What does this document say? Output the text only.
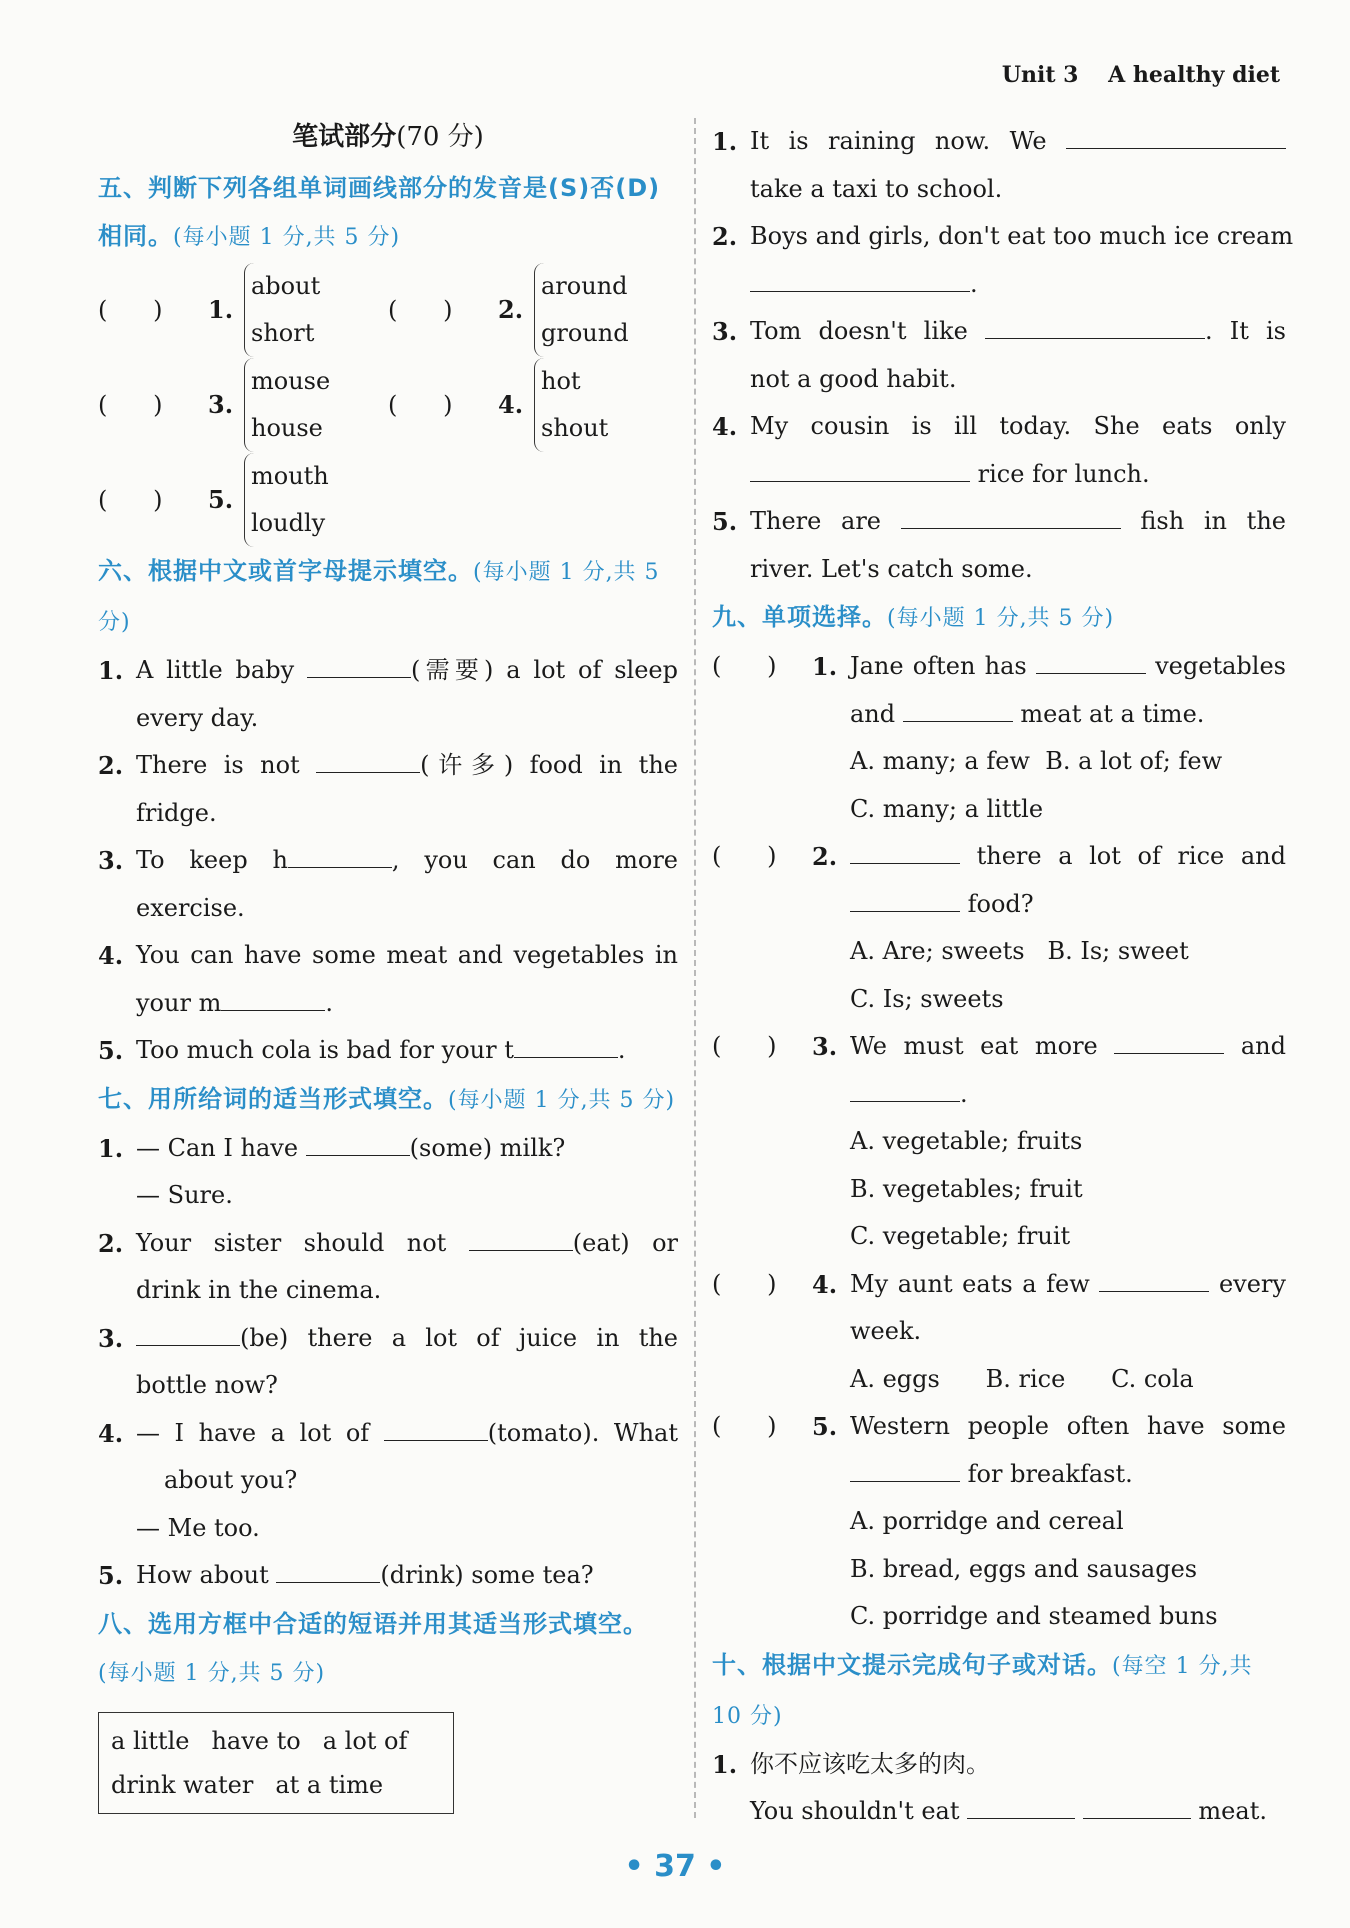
Unit 3 A healthy diet
笔试部分(70 分)
五、判断下列各组单词画线部分的发音是(S)否(D)相同。(每小题 1 分,共 5 分)
( )	1.
about
short
( )	2.
around
ground
( )	3.
mouse
house
( )	4.
hot
shout
( )	5.
mouth
loudly
六、根据中文或首字母提示填空。(每小题 1 分,共 5 分)
1. A little baby	(需要) a lot of sleep
every day.
2. There is not	(许多) food in the
fridge.
3. To keep h	, you can do more
exercise.
4. You can have some meat and vegetables in
your m	.
5. Too much cola is bad for your t	.
七、用所给词的适当形式填空。(每小题 1 分,共 5 分)
1. — Can I have	(some) milk?
— Sure.
2. Your sister should not	(eat) or
drink in the cinema.
3.	(be) there a lot of juice in the
bottle now?
4. — I have a lot of	(tomato). What
about you?
— Me too.
5. How about	(drink) some tea?
八、选用方框中合适的短语并用其适当形式填空。(每小题 1 分,共 5 分)
a little have to a lot of
drink water at a time
1. It is raining now. We
take a taxi to school.
2. Boys and girls, don't eat too much ice cream
.
3. Tom doesn't like	. It is
not a good habit.
4. My cousin is ill today. She eats only
rice for lunch.
5. There are	fish in the
river. Let's catch some.
九、单项选择。(每小题 1 分,共 5 分)
(      )	1. Jane often has	vegetables
and	meat at a time.
A. many; a few B. a lot of; few
C. many; a little
(      )	2.	there a lot of rice and
food?
A. Are; sweets B. Is; sweet
C. Is; sweets
(      )	3. We must eat more	and
.
A. vegetable; fruits
B. vegetables; fruit
C. vegetable; fruit
(      )	4. My aunt eats a few	every
week.
A. eggs B. rice C. cola
(      )	5. Western people often have some
for breakfast.
A. porridge and cereal
B. bread, eggs and sausages
C. porridge and steamed buns
十、根据中文提示完成句子或对话。(每空 1 分,共 10 分)
1. 你不应该吃太多的肉。
You shouldn't eat	meat.
• 37 •
